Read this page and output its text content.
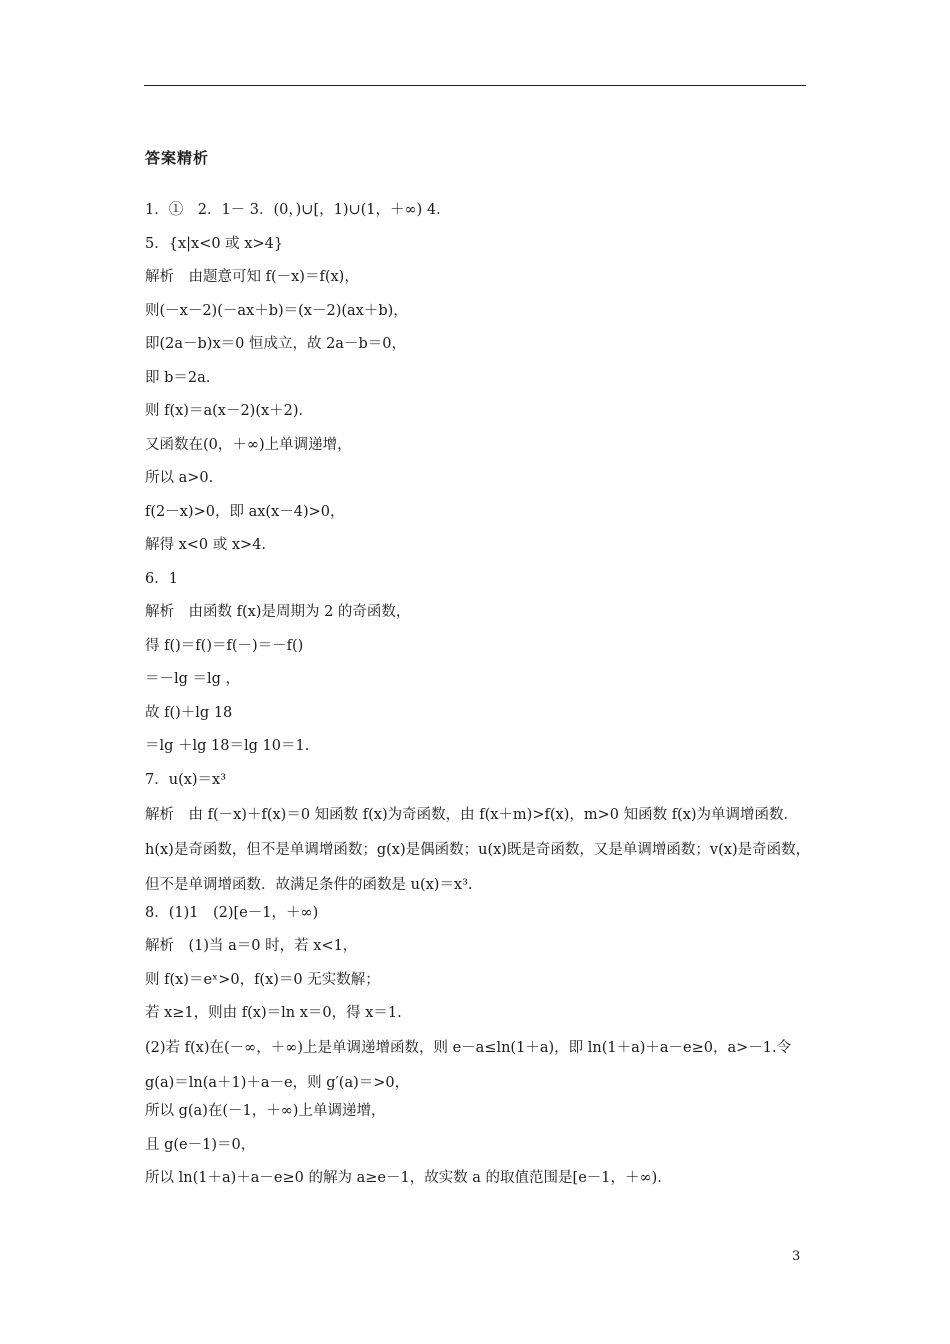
答案精析
1．①　2．1－ 3．(0，)∪[，1)∪(1，＋∞) 4．
5．{x|x<0 或 x>4}
解析　由题意可知 f(－x)＝f(x)，
则(－x－2)(－ax＋b)＝(x－2)(ax＋b)，
即(2a－b)x＝0 恒成立，故 2a－b＝0，
即 b＝2a.
则 f(x)＝a(x－2)(x＋2)．
又函数在(0，＋∞)上单调递增，
所以 a>0.
f(2－x)>0，即 ax(x－4)>0，
解得 x<0 或 x>4.
6．1
解析　由函数 f(x)是周期为 2 的奇函数，
得 f()＝f()＝f(－)＝－f()
＝－lg ＝lg ，
故 f()＋lg 18
＝lg ＋lg 18＝lg 10＝1.
7．u(x)＝x³
解析　由 f(－x)＋f(x)＝0 知函数 f(x)为奇函数，由 f(x＋m)>f(x)，m>0 知函数 f(x)为单调增函数．h(x)是奇函数，但不是单调增函数；g(x)是偶函数；u(x)既是奇函数，又是单调增函数；v(x)是奇函数，但不是单调增函数．故满足条件的函数是 u(x)＝x³.
8．(1)1　(2)[e－1，＋∞)
解析　(1)当 a＝0 时，若 x<1，
则 f(x)＝eˣ>0，f(x)＝0 无实数解；
若 x≥1，则由 f(x)＝ln x＝0，得 x＝1.
(2)若 f(x)在(－∞，＋∞)上是单调递增函数，则 e－a≤ln(1＋a)，即 ln(1＋a)＋a－e≥0，a>－1.令 g(a)＝ln(a＋1)＋a－e，则 g′(a)＝>0，
所以 g(a)在(－1，＋∞)上单调递增，
且 g(e－1)＝0，
所以 ln(1＋a)＋a－e≥0 的解为 a≥e－1，故实数 a 的取值范围是[e－1，＋∞)．
3
